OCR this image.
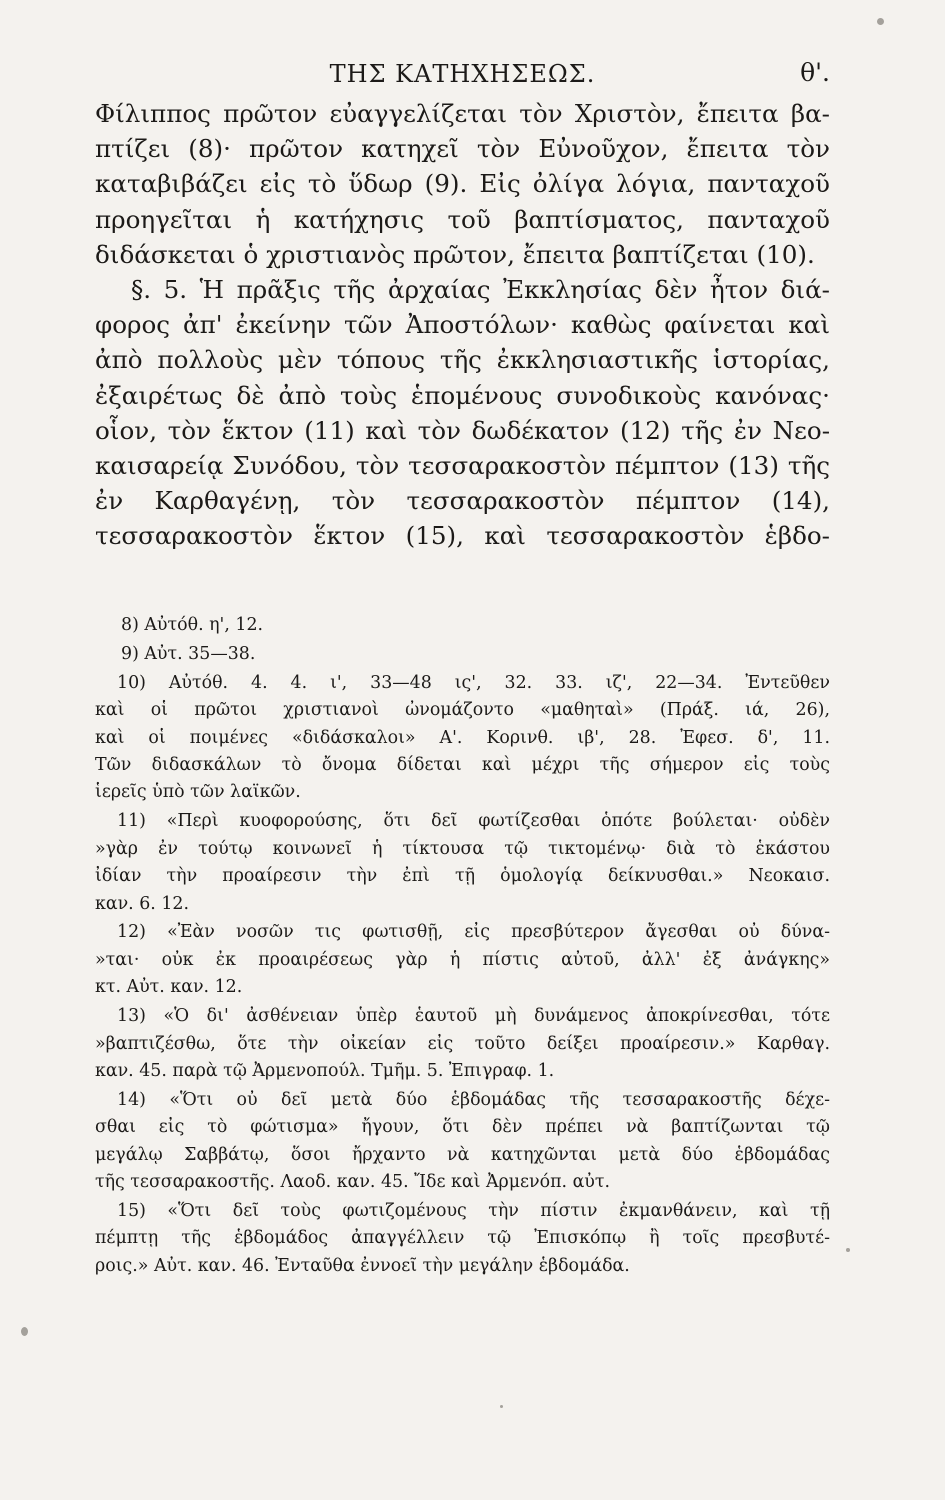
ΤΗΣ ΚΑΤΗΧΗΣΕΩΣ.	θ'.
Φίλιππος πρῶτον εὐαγγελίζεται τὸν Χριστὸν, ἔπειτα βα-
πτίζει (8)· πρῶτον κατηχεῖ τὸν Εὐνοῦχον, ἔπειτα τὸν
καταβιβάζει εἰς τὸ ὕδωρ (9). Εἰς ὀλίγα λόγια, πανταχοῦ
προηγεῖται ἡ κατήχησις τοῦ βαπτίσματος, πανταχοῦ
διδάσκεται ὁ χριστιανὸς πρῶτον, ἔπειτα βαπτίζεται (10).
§. 5. Ἡ πρᾶξις τῆς ἀρχαίας Ἐκκλησίας δὲν ἦτον διά-
φορος ἀπ' ἐκείνην τῶν Ἀποστόλων· καθὼς φαίνεται καὶ
ἀπὸ πολλοὺς μὲν τόπους τῆς ἐκκλησιαστικῆς ἱστορίας,
ἐξαιρέτως δὲ ἀπὸ τοὺς ἑπομένους συνοδικοὺς κανόνας·
οἷον, τὸν ἕκτον (11) καὶ τὸν δωδέκατον (12) τῆς ἐν Νεο-
καισαρείᾳ Συνόδου, τὸν τεσσαρακοστὸν πέμπτον (13) τῆς
ἐν Καρθαγένῃ, τὸν τεσσαρακοστὸν πέμπτον (14),
τεσσαρακοστὸν ἕκτον (15), καὶ τεσσαρακοστὸν ἑβδο-
8) Αὐτόθ. η', 12.
9) Αὐτ. 35—38.
10) Αὐτόθ. 4. 4. ι', 33—48 ις', 32. 33. ιζ', 22—34. Ἐντεῦθεν
καὶ οἱ πρῶτοι χριστιανοὶ ὠνομάζοντο «μαθηταὶ» (Πράξ. ιά, 26),
καὶ οἱ ποιμένες «διδάσκαλοι» Α'. Κορινθ. ιβ', 28. Ἐφεσ. δ', 11.
Τῶν διδασκάλων τὸ ὄνομα δίδεται καὶ μέχρι τῆς σήμερον εἰς τοὺς
ἱερεῖς ὑπὸ τῶν λαϊκῶν.
11) «Περὶ κυοφορούσης, ὅτι δεῖ φωτίζεσθαι ὁπότε βούλεται· οὐδὲν
»γὰρ ἐν τούτῳ κοινωνεῖ ἡ τίκτουσα τῷ τικτομένῳ· διὰ τὸ ἑκάστου
ἰδίαν τὴν προαίρεσιν τὴν ἐπὶ τῇ ὁμολογίᾳ δείκνυσθαι.» Νεοκαισ.
καν. 6. 12.
12) «Ἐὰν νοσῶν τις φωτισθῇ, εἰς πρεσβύτερον ἄγεσθαι οὐ δύνα-
»ται· οὐκ ἐκ προαιρέσεως γὰρ ἡ πίστις αὐτοῦ, ἀλλ' ἐξ ἀνάγκης»
κτ. Αὐτ. καν. 12.
13) «Ὁ δι' ἀσθένειαν ὑπὲρ ἑαυτοῦ μὴ δυνάμενος ἀποκρίνεσθαι, τότε
»βαπτιζέσθω, ὅτε τὴν οἰκείαν εἰς τοῦτο δείξει προαίρεσιν.» Καρθαγ.
καν. 45. παρὰ τῷ Ἀρμενοπούλ. Τμῆμ. 5. Ἐπιγραφ. 1.
14) «Ὅτι οὐ δεῖ μετὰ δύο ἑβδομάδας τῆς τεσσαρακοστῆς δέχε-
σθαι εἰς τὸ φώτισμα» ἤγουν, ὅτι δὲν πρέπει νὰ βαπτίζωνται τῷ
μεγάλῳ Σαββάτῳ, ὅσοι ἤρχαντο νὰ κατηχῶνται μετὰ δύο ἑβδομάδας
τῆς τεσσαρακοστῆς. Λαοδ. καν. 45. Ἴδε καὶ Ἀρμενόπ. αὐτ.
15) «Ὅτι δεῖ τοὺς φωτιζομένους τὴν πίστιν ἐκμανθάνειν, καὶ τῇ
πέμπτῃ τῆς ἑβδομάδος ἀπαγγέλλειν τῷ Ἐπισκόπῳ ἢ τοῖς πρεσβυτέ-
ροις.» Αὐτ. καν. 46. Ἐνταῦθα ἐννοεῖ τὴν μεγάλην ἑβδομάδα.
